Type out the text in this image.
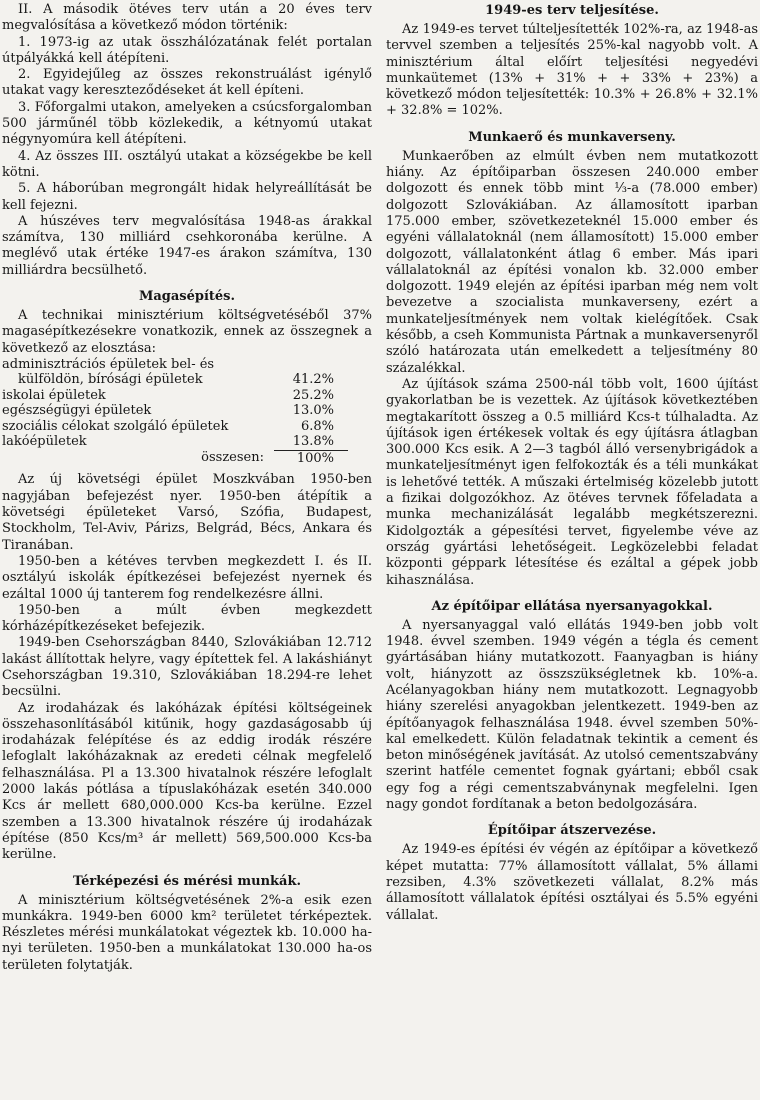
II. A második ötéves terv után a 20 éves terv megvalósítása a következő módon történik:

1. 1973-ig az utak összhálózatának felét portalan útpályákká kell átépíteni.

2. Egyidejűleg az összes rekonstruálást igénylő utakat vagy kereszteződéseket át kell építeni.

3. Főforgalmi utakon, amelyeken a csúcsforgalomban 500 járműnél több közlekedik, a kétnyomú utakat négynyomúra kell átépíteni.

4. Az összes III. osztályú utakat a községekbe be kell kötni.

5. A háborúban megrongált hidak helyreállítását be kell fejezni.

A húszéves terv megvalósítása 1948-as árakkal számítva, 130 milliárd csehkoronába kerülne. A meglévő utak értéke 1947-es árakon számítva, 130 milliárdra becsülhető.

Magasépítés.

A technikai minisztérium költségvetéséből 37% magasépítkezésekre vonatkozik, ennek az összegnek a következő az elosztása:

adminisztrációs épületek bel- és	
külföldön, bírósági épületek	41.2%
iskolai épületek	25.2%
egészségügyi épületek	13.0%
szociális célokat szolgáló épületek	6.8%
lakóépületek	13.8%
összesen:	100%

Az új követségi épület Moszkvában 1950-ben nagyjában befejezést nyer. 1950-ben átépítik a követségi épületeket Varsó, Szófia, Budapest, Stockholm, Tel-Aviv, Párizs, Belgrád, Bécs, Ankara és Tiranában.

1950-ben a kétéves tervben megkezdett I. és II. osztályú iskolák építkezései befejezést nyernek és ezáltal 1000 új tanterem fog rendelkezésre állni.

1950-ben a múlt évben megkezdett kórházépítkezéseket befejezik.

1949-ben Csehországban 8440, Szlovákiában 12.712 lakást állítottak helyre, vagy építettek fel. A lakáshiányt Csehországban 19.310, Szlovákiában 18.294-re lehet becsülni.

Az irodaházak és lakóházak építési költségeinek összehasonlításából kitűnik, hogy gazdaságosabb új irodaházak felépítése és az eddig irodák részére lefoglalt lakóházaknak az eredeti célnak megfelelő felhasználása. Pl a 13.300 hivatalnok részére lefoglalt 2000 lakás pótlása a típuslakóházak esetén 340.000 Kcs ár mellett 680,000.000 Kcs-ba kerülne. Ezzel szemben a 13.300 hivatalnok részére új irodaházak építése (850 Kcs/m³ ár mellett) 569,500.000 Kcs-ba kerülne.

Térképezési és mérési munkák.

A minisztérium költségvetésének 2%-a esik ezen munkákra. 1949-ben 6000 km² területet térképeztek. Részletes mérési munkálatokat végeztek kb. 10.000 ha-nyi területen. 1950-ben a munkálatokat 130.000 ha-os területen folytatják.

1949-es terv teljesítése.

Az 1949-es tervet túlteljesítették 102%-ra, az 1948-as tervvel szemben a teljesítés 25%-kal nagyobb volt. A minisztérium által előírt teljesítési negyedévi munkaütemet (13% + 31% + + 33% + 23%) a következő módon teljesítették: 10.3% + 26.8% + 32.1% + 32.8% = 102%.

Munkaerő és munkaverseny.

Munkaerőben az elmúlt évben nem mutatkozott hiány. Az építőiparban összesen 240.000 ember dolgozott és ennek több mint ⅓-a (78.000 ember) dolgozott Szlovákiában. Az államosított iparban 175.000 ember, szövetkezeteknél 15.000 ember és egyéni vállalatoknál (nem államosított) 15.000 ember dolgozott, vállalatonként átlag 6 ember. Más ipari vállalatoknál az építési vonalon kb. 32.000 ember dolgozott. 1949 elején az építési iparban még nem volt bevezetve a szocialista munkaverseny, ezért a munkateljesítmények nem voltak kielégítőek. Csak később, a cseh Kommunista Pártnak a munkaversenyről szóló határozata után emelkedett a teljesítmény 80 százalékkal.

Az újítások száma 2500-nál több volt, 1600 újítást gyakorlatban be is vezettek. Az újítások következtében megtakarított összeg a 0.5 milliárd Kcs-t túlhaladta. Az újítások igen értékesek voltak és egy újításra átlagban 300.000 Kcs esik. A 2—3 tagból álló versenybrigádok a munkateljesítményt igen felfokozták és a téli munkákat is lehetővé tették. A műszaki értelmiség közelebb jutott a fizikai dolgozókhoz. Az ötéves tervnek főfeladata a munka mechanizálását legalább megkétszerezni. Kidolgozták a gépesítési tervet, figyelembe véve az ország gyártási lehetőségeit. Legközelebbi feladat központi géppark létesítése és ezáltal a gépek jobb kihasználása.

Az építőipar ellátása nyersanyagokkal.

A nyersanyaggal való ellátás 1949-ben jobb volt 1948. évvel szemben. 1949 végén a tégla és cement gyártásában hiány mutatkozott. Faanyagban is hiány volt, hiányzott az összszükségletnek kb. 10%-a. Acélanyagokban hiány nem mutatkozott. Legnagyobb hiány szerelési anyagokban jelentkezett. 1949-ben az építőanyagok felhasználása 1948. évvel szemben 50%-kal emelkedett. Külön feladatnak tekintik a cement és beton minőségének javítását. Az utolsó cementszabvány szerint hatféle cementet fognak gyártani; ebből csak egy fog a régi cementszabványnak megfelelni. Igen nagy gondot fordítanak a beton bedolgozására.

Építőipar átszervezése.

Az 1949-es építési év végén az építőipar a következő képet mutatta: 77% államosított vállalat, 5% állami rezsiben, 4.3% szövetkezeti vállalat, 8.2% más államosított vállalatok építési osztályai és 5.5% egyéni vállalat.
